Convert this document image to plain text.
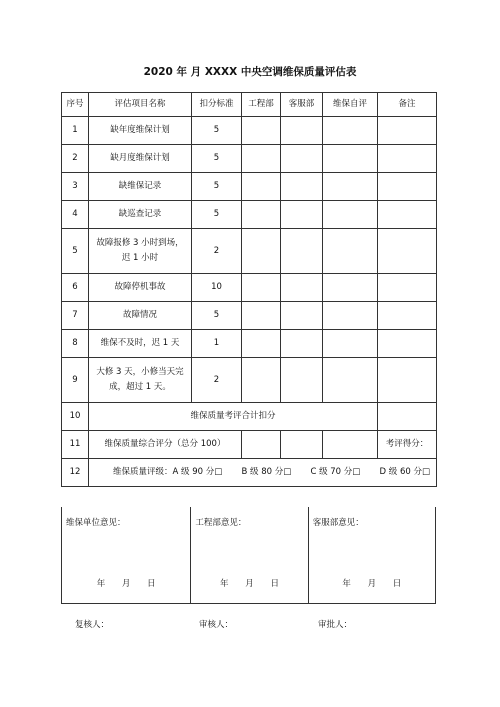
2020 年 月 XXXX 中央空调维保质量评估表
序号	评估项目名称	扣分标准	工程部	客服部	维保自评	备注
1	缺年度维保计划	5				
2	缺月度维保计划	5				
3	缺维保记录	5				
4	缺巡查记录	5				
5	故障报修 3 小时到场，迟 1 小时	2				
6	故障停机事故	10				
7	故障情况	5				
8	维保不及时，迟 1 天	1				
9	大修 3 天，小修当天完成，超过 1 天。	2				
10	维保质量考评合计扣分					
11	维保质量综合评分（总分 100）					考评得分：
12	维保质量评级：A 级 90 分□ B 级 80 分□ C 级 70 分□ D 级 60 分□					
维保单位意见：
年 月 日
工程部意见：
年 月 日
客服部意见：
年 月 日
复核人：	审核人：	审批人：
